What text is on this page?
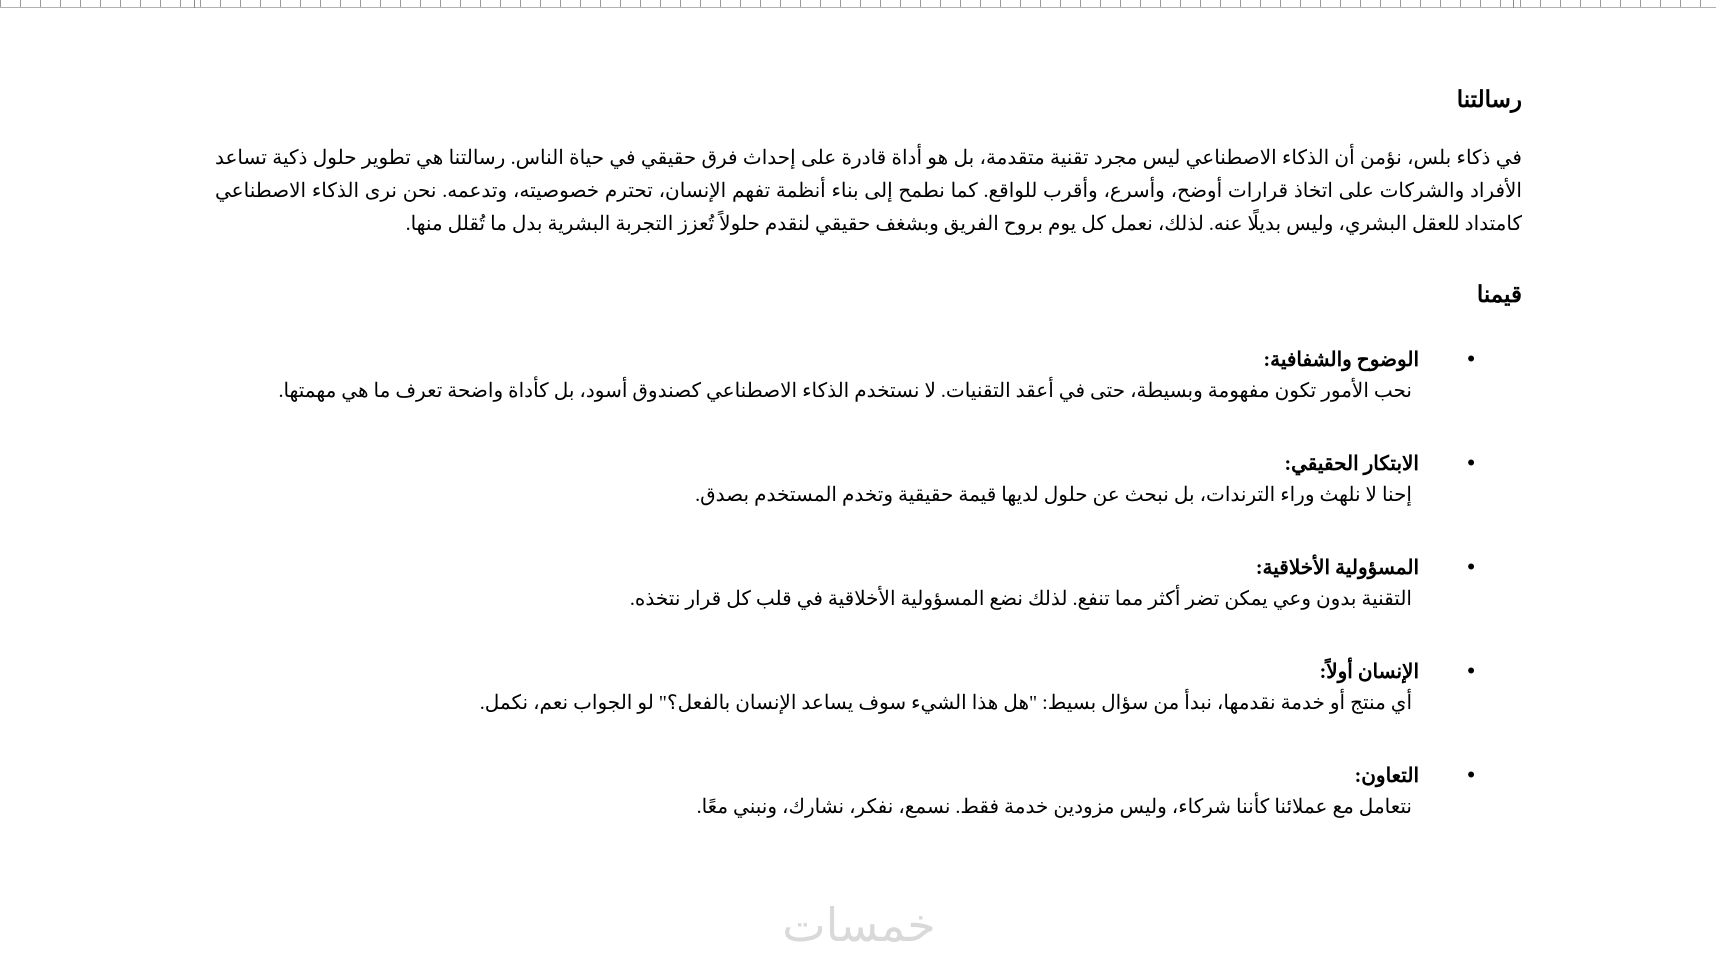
رسالتنا

في ذكاء بلس، نؤمن أن الذكاء الاصطناعي ليس مجرد تقنية متقدمة، بل هو أداة قادرة على إحداث فرق حقيقي في حياة الناس. رسالتنا هي تطوير حلول ذكية تساعد الأفراد والشركات على اتخاذ قرارات أوضح، وأسرع، وأقرب للواقع. كما نطمح إلى بناء أنظمة تفهم الإنسان، تحترم خصوصيته، وتدعمه. نحن نرى الذكاء الاصطناعي كامتداد للعقل البشري، وليس بديلًا عنه. لذلك، نعمل كل يوم بروح الفريق وبشغف حقيقي لنقدم حلولاً تُعزز التجربة البشرية بدل ما تُقلل منها.

قيمنا
•
الوضوح والشفافية:
نحب الأمور تكون مفهومة وبسيطة، حتى في أعقد التقنيات. لا نستخدم الذكاء الاصطناعي كصندوق أسود، بل كأداة واضحة تعرف ما هي مهمتها.
•
الابتكار الحقيقي:
إحنا لا نلهث وراء الترندات، بل نبحث عن حلول لديها قيمة حقيقية وتخدم المستخدم بصدق.
•
المسؤولية الأخلاقية:
التقنية بدون وعي يمكن تضر أكثر مما تنفع. لذلك نضع المسؤولية الأخلاقية في قلب كل قرار نتخذه.
•
الإنسان أولاً:
أي منتج أو خدمة نقدمها، نبدأ من سؤال بسيط: "هل هذا الشيء سوف يساعد الإنسان بالفعل؟" لو الجواب نعم، نكمل.
•
التعاون:
نتعامل مع عملائنا كأننا شركاء، وليس مزودين خدمة فقط. نسمع، نفكر، نشارك، ونبني معًا.
خمسات
